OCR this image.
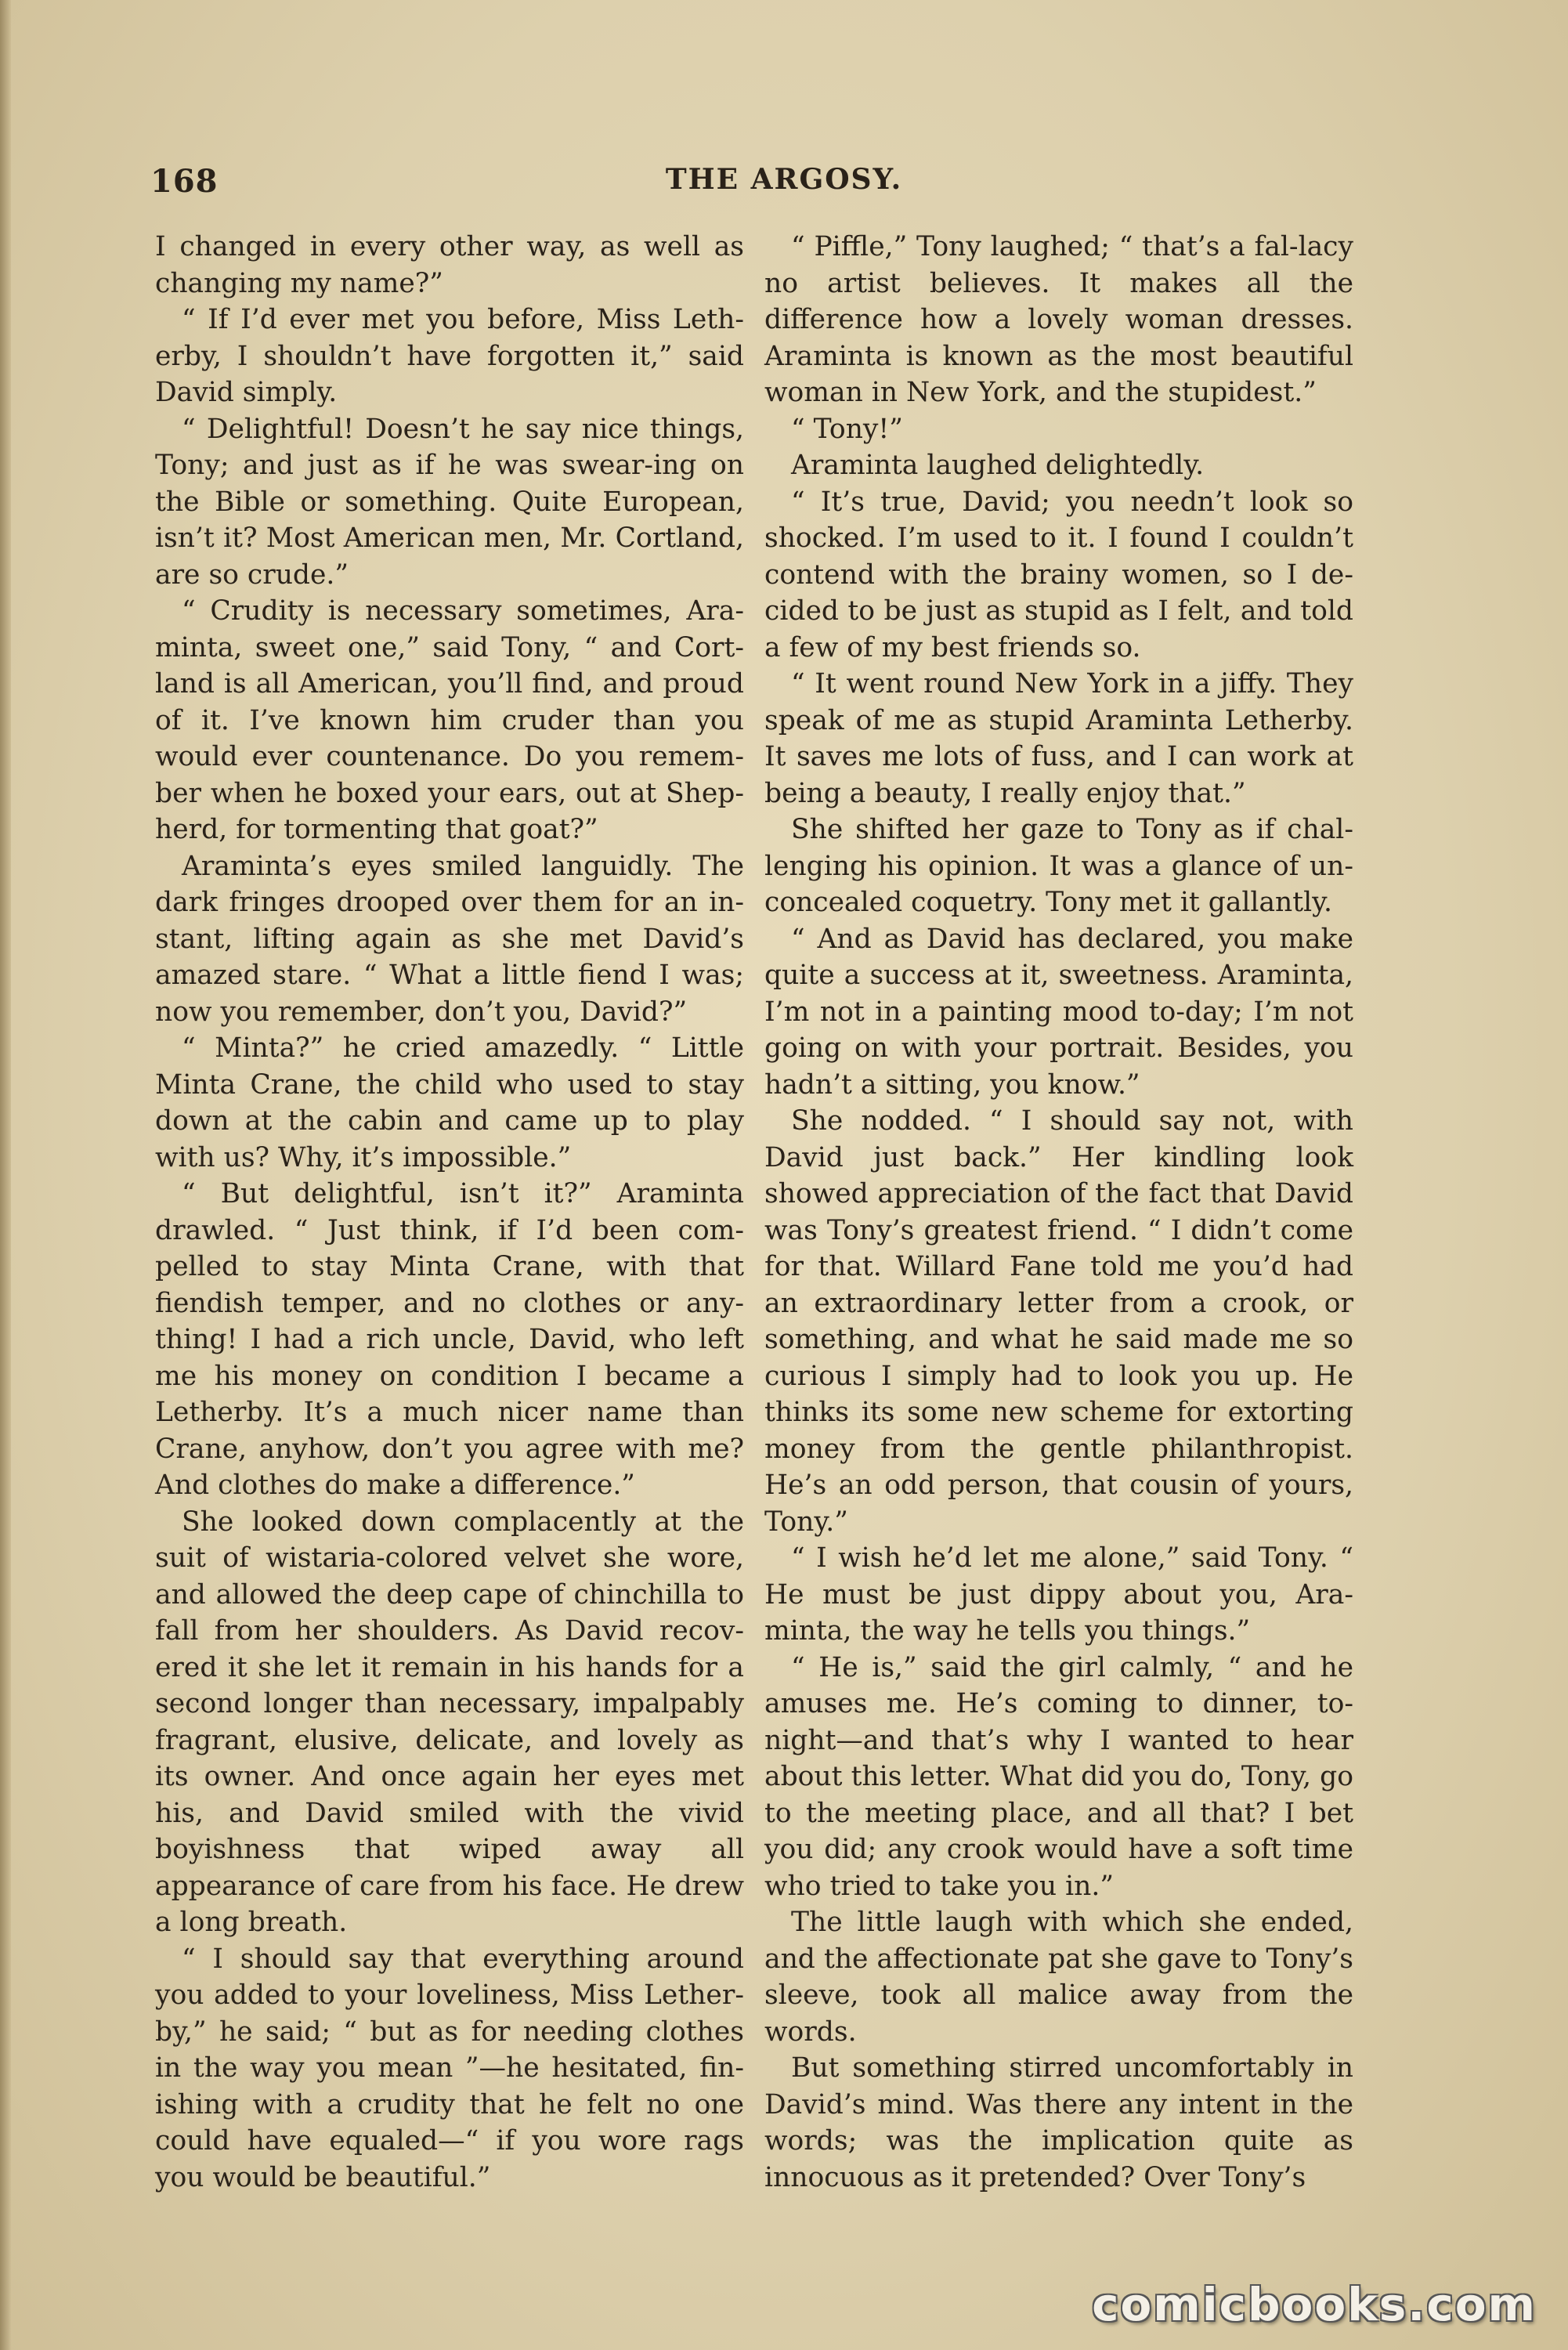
168	THE ARGOSY.

I changed in every other way, as well as changing my name?”

“ If I’d ever met you before, Miss Leth-erby, I shouldn’t have forgotten it,” said David simply.

“ Delightful! Doesn’t he say nice things, Tony; and just as if he was swear-ing on the Bible or something. Quite European, isn’t it? Most American men, Mr. Cortland, are so crude.”

“ Crudity is necessary sometimes, Ara-minta, sweet one,” said Tony, “ and Cort-land is all American, you’ll find, and proud of it. I’ve known him cruder than you would ever countenance. Do you remem-ber when he boxed your ears, out at Shep-herd, for tormenting that goat?”

Araminta’s eyes smiled languidly. The dark fringes drooped over them for an in-stant, lifting again as she met David’s amazed stare. “ What a little fiend I was; now you remember, don’t you, David?”

“ Minta?” he cried amazedly. “ Little Minta Crane, the child who used to stay down at the cabin and came up to play with us? Why, it’s impossible.”

“ But delightful, isn’t it?” Araminta drawled. “ Just think, if I’d been com-pelled to stay Minta Crane, with that fiendish temper, and no clothes or any-thing! I had a rich uncle, David, who left me his money on condition I became a Letherby. It’s a much nicer name than Crane, anyhow, don’t you agree with me? And clothes do make a difference.”

She looked down complacently at the suit of wistaria-colored velvet she wore, and allowed the deep cape of chinchilla to fall from her shoulders. As David recov-ered it she let it remain in his hands for a second longer than necessary, impalpably fragrant, elusive, delicate, and lovely as its owner. And once again her eyes met his, and David smiled with the vivid boyishness that wiped away all appearance of care from his face. He drew a long breath.

“ I should say that everything around you added to your loveliness, Miss Lether-by,” he said; “ but as for needing clothes in the way you mean ”—he hesitated, fin-ishing with a crudity that he felt no one could have equaled—“ if you wore rags you would be beautiful.”

“ Piffle,” Tony laughed; “ that’s a fal-lacy no artist believes. It makes all the difference how a lovely woman dresses. Araminta is known as the most beautiful woman in New York, and the stupidest.”

“ Tony!”

Araminta laughed delightedly.

“ It’s true, David; you needn’t look so shocked. I’m used to it. I found I couldn’t contend with the brainy women, so I de-cided to be just as stupid as I felt, and told a few of my best friends so.

“ It went round New York in a jiffy. They speak of me as stupid Araminta Letherby. It saves me lots of fuss, and I can work at being a beauty, I really enjoy that.”

She shifted her gaze to Tony as if chal-lenging his opinion. It was a glance of un-concealed coquetry. Tony met it gallantly.

“ And as David has declared, you make quite a success at it, sweetness. Araminta, I’m not in a painting mood to-day; I’m not going on with your portrait. Besides, you hadn’t a sitting, you know.”

She nodded. “ I should say not, with David just back.” Her kindling look showed appreciation of the fact that David was Tony’s greatest friend. “ I didn’t come for that. Willard Fane told me you’d had an extraordinary letter from a crook, or something, and what he said made me so curious I simply had to look you up. He thinks its some new scheme for extorting money from the gentle philanthropist. He’s an odd person, that cousin of yours, Tony.”

“ I wish he’d let me alone,” said Tony. “ He must be just dippy about you, Ara-minta, the way he tells you things.”

“ He is,” said the girl calmly, “ and he amuses me. He’s coming to dinner, to-night—and that’s why I wanted to hear about this letter. What did you do, Tony, go to the meeting place, and all that? I bet you did; any crook would have a soft time who tried to take you in.”

The little laugh with which she ended, and the affectionate pat she gave to Tony’s sleeve, took all malice away from the words.

But something stirred uncomfortably in David’s mind. Was there any intent in the words; was the implication quite as innocuous as it pretended? Over Tony’s

comicbooks.com
